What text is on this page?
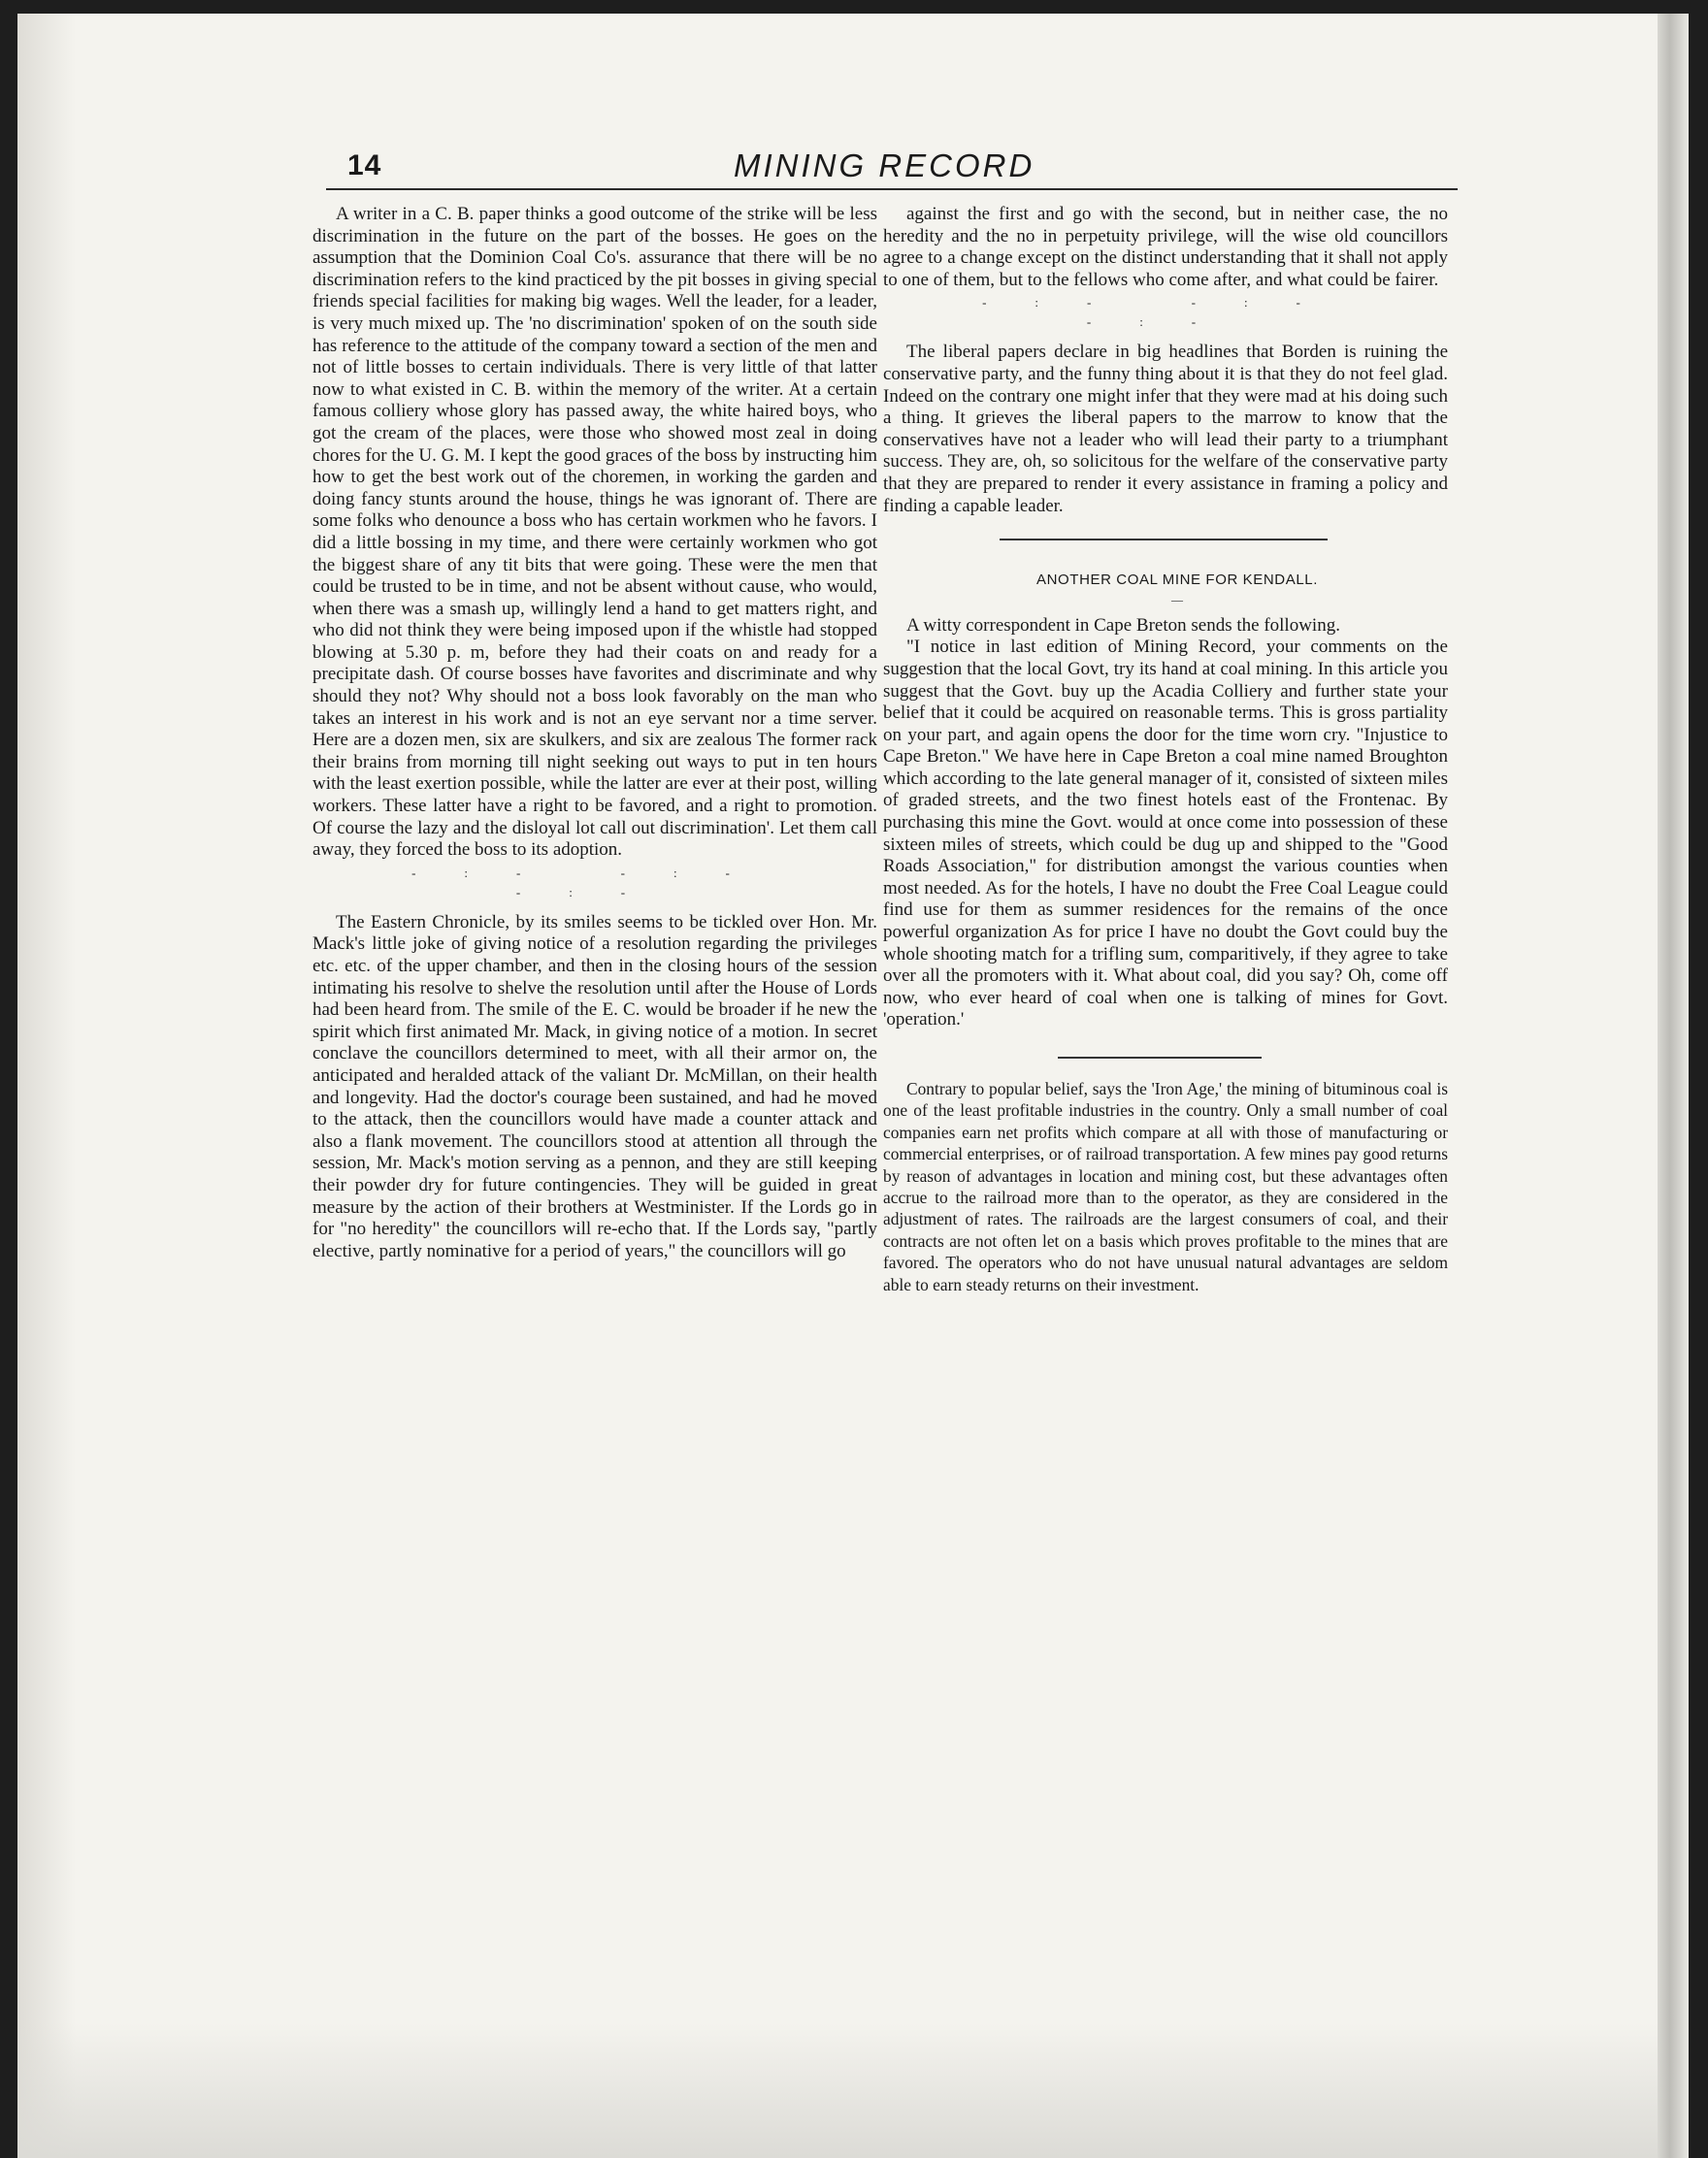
14	MINING RECORD

A writer in a C. B. paper thinks a good outcome of the strike will be less discrimination in the future on the part of the bosses. He goes on the assumption that the Dominion Coal Co's. assurance that there will be no discrimination refers to the kind practiced by the pit bosses in giving special friends special facilities for making big wages. Well the leader, for a leader, is very much mixed up. The 'no discrimination' spoken of on the south side has reference to the attitude of the company toward a section of the men and not of little bosses to certain individuals. There is very little of that latter now to what existed in C. B. within the memory of the writer. At a certain famous colliery whose glory has passed away, the white haired boys, who got the cream of the places, were those who showed most zeal in doing chores for the U. G. M. I kept the good graces of the boss by instructing him how to get the best work out of the choremen, in working the garden and doing fancy stunts around the house, things he was ignorant of. There are some folks who denounce a boss who has certain workmen who he favors. I did a little bossing in my time, and there were certainly workmen who got the biggest share of any tit bits that were going. These were the men that could be trusted to be in time, and not be absent without cause, who would, when there was a smash up, willingly lend a hand to get matters right, and who did not think they were being imposed upon if the whistle had stopped blowing at 5.30 p. m, before they had their coats on and ready for a precipitate dash. Of course bosses have favorites and discriminate and why should they not? Why should not a boss look favorably on the man who takes an interest in his work and is not an eye servant nor a time server. Here are a dozen men, six are skulkers, and six are zealous The former rack their brains from morning till night seeking out ways to put in ten hours with the least exertion possible, while the latter are ever at their post, willing workers. These latter have a right to be favored, and a right to promotion. Of course the lazy and the disloyal lot call out discrimination'. Let them call away, they forced the boss to its adoption.

-:- -:- -:-

The Eastern Chronicle, by its smiles seems to be tickled over Hon. Mr. Mack's little joke of giving notice of a resolution regarding the privileges etc. etc. of the upper chamber, and then in the closing hours of the session intimating his resolve to shelve the resolution until after the House of Lords had been heard from. The smile of the E. C. would be broader if he new the spirit which first animated Mr. Mack, in giving notice of a motion. In secret conclave the councillors determined to meet, with all their armor on, the anticipated and heralded attack of the valiant Dr. McMillan, on their health and longevity. Had the doctor's courage been sustained, and had he moved to the attack, then the councillors would have made a counter attack and also a flank movement. The councillors stood at attention all through the session, Mr. Mack's motion serving as a pennon, and they are still keeping their powder dry for future contingencies. They will be guided in great measure by the action of their brothers at Westminister. If the Lords go in for "no heredity" the councillors will re-echo that. If the Lords say, "partly elective, partly nominative for a period of years," the councillors will go

against the first and go with the second, but in neither case, the no heredity and the no in perpetuity privilege, will the wise old councillors agree to a change except on the distinct understanding that it shall not apply to one of them, but to the fellows who come after, and what could be fairer.

-:- -:- -:-

The liberal papers declare in big headlines that Borden is ruining the conservative party, and the funny thing about it is that they do not feel glad. Indeed on the contrary one might infer that they were mad at his doing such a thing. It grieves the liberal papers to the marrow to know that the conservatives have not a leader who will lead their party to a triumphant success. They are, oh, so solicitous for the welfare of the conservative party that they are prepared to render it every assistance in framing a policy and finding a capable leader.

ANOTHER COAL MINE FOR KENDALL.

—

A witty correspondent in Cape Breton sends the following.

"I notice in last edition of Mining Record, your comments on the suggestion that the local Govt, try its hand at coal mining. In this article you suggest that the Govt. buy up the Acadia Colliery and further state your belief that it could be acquired on reasonable terms. This is gross partiality on your part, and again opens the door for the time worn cry. "Injustice to Cape Breton." We have here in Cape Breton a coal mine named Broughton which according to the late general manager of it, consisted of sixteen miles of graded streets, and the two finest hotels east of the Frontenac. By purchasing this mine the Govt. would at once come into possession of these sixteen miles of streets, which could be dug up and shipped to the "Good Roads Association," for distribution amongst the various counties when most needed. As for the hotels, I have no doubt the Free Coal League could find use for them as summer residences for the remains of the once powerful organization As for price I have no doubt the Govt could buy the whole shooting match for a trifling sum, comparitively, if they agree to take over all the promoters with it. What about coal, did you say? Oh, come off now, who ever heard of coal when one is talking of mines for Govt. 'operation.'

Contrary to popular belief, says the 'Iron Age,' the mining of bituminous coal is one of the least profitable industries in the country. Only a small number of coal companies earn net profits which compare at all with those of manufacturing or commercial enterprises, or of railroad transportation. A few mines pay good returns by reason of advantages in location and mining cost, but these advantages often accrue to the railroad more than to the operator, as they are considered in the adjustment of rates. The railroads are the largest consumers of coal, and their contracts are not often let on a basis which proves profitable to the mines that are favored. The operators who do not have unusual natural advantages are seldom able to earn steady returns on their investment.
